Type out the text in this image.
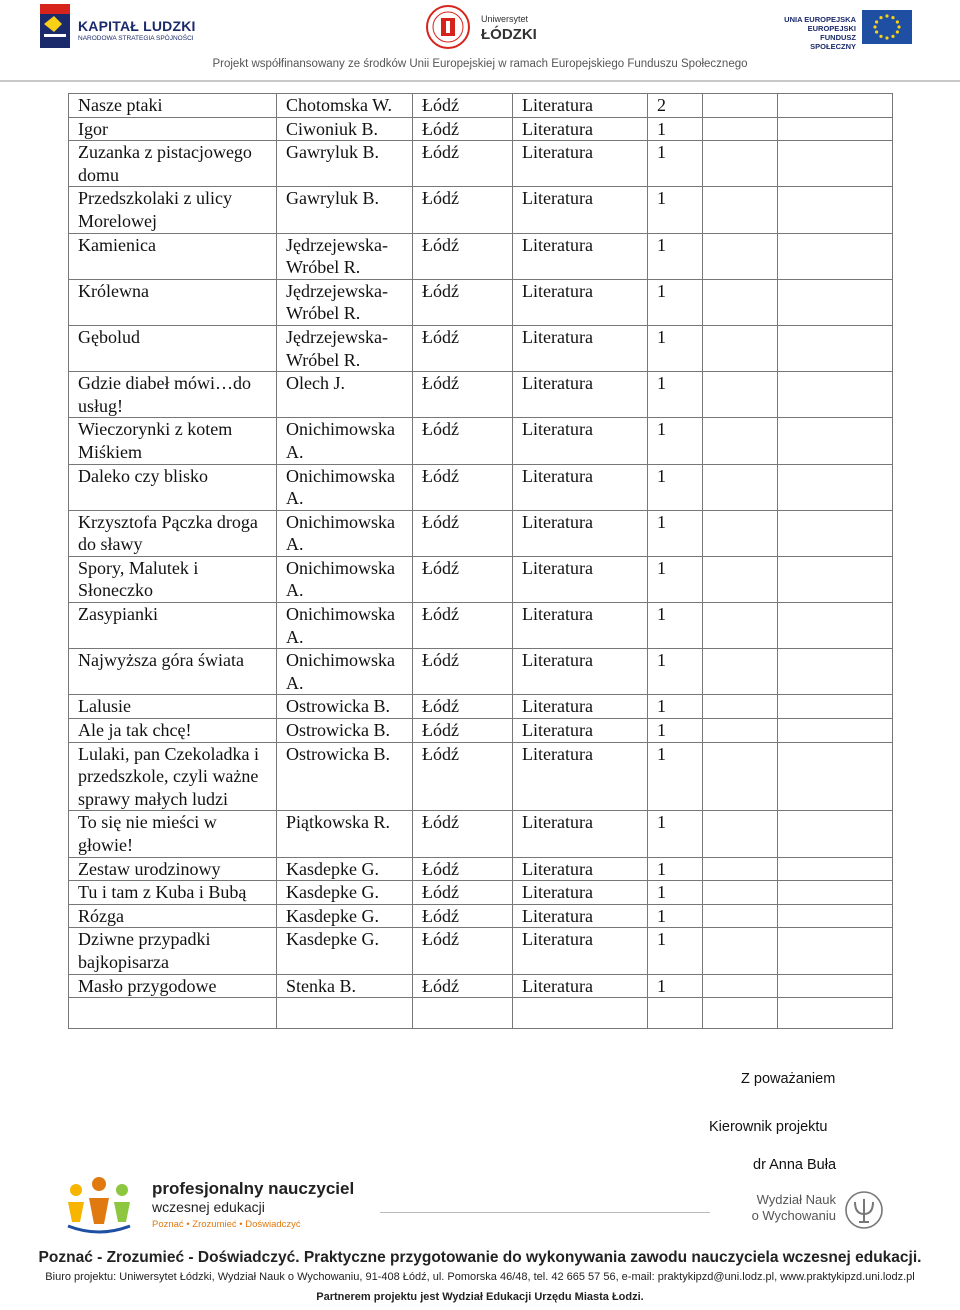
KAPITAŁ LUDZKI
NARODOWA STRATEGIA SPÓJNOŚCI
Uniwersytet
ŁÓDZKI
UNIA EUROPEJSKA
EUROPEJSKI
FUNDUSZ SPOŁECZNY
Projekt współfinansowany ze środków Unii Europejskiej w ramach Europejskiego Funduszu Społecznego
Nasze ptaki	Chotomska W.	Łódź	Literatura	2		
Igor	Ciwoniuk B.	Łódź	Literatura	1		
Zuzanka z pistacjowego domu	Gawryluk B.	Łódź	Literatura	1		
Przedszkolaki z ulicy Morelowej	Gawryluk B.	Łódź	Literatura	1		
Kamienica	Jędrzejewska-Wróbel R.	Łódź	Literatura	1		
Królewna	Jędrzejewska-Wróbel R.	Łódź	Literatura	1		
Gębolud	Jędrzejewska-Wróbel R.	Łódź	Literatura	1		
Gdzie diabeł mówi…do usług!	Olech J.	Łódź	Literatura	1		
Wieczorynki z kotem Miśkiem	Onichimowska A.	Łódź	Literatura	1		
Daleko czy blisko	Onichimowska A.	Łódź	Literatura	1		
Krzysztofa Pączka droga do sławy	Onichimowska A.	Łódź	Literatura	1		
Spory, Malutek i Słoneczko	Onichimowska A.	Łódź	Literatura	1		
Zasypianki	Onichimowska A.	Łódź	Literatura	1		
Najwyższa góra świata	Onichimowska A.	Łódź	Literatura	1		
Lalusie	Ostrowicka B.	Łódź	Literatura	1		
Ale ja tak chcę!	Ostrowicka B.	Łódź	Literatura	1		
Lulaki, pan Czekoladka i przedszkole, czyli ważne sprawy małych ludzi	Ostrowicka B.	Łódź	Literatura	1		
To się nie mieści w głowie!	Piątkowska R.	Łódź	Literatura	1		
Zestaw urodzinowy	Kasdepke G.	Łódź	Literatura	1		
Tu i tam z Kuba i Bubą	Kasdepke G.	Łódź	Literatura	1		
Rózga	Kasdepke G.	Łódź	Literatura	1		
Dziwne przypadki bajkopisarza	Kasdepke G.	Łódź	Literatura	1		
Masło przygodowe	Stenka B.	Łódź	Literatura	1		

Z poważaniem
Kierownik projektu
dr Anna Buła
profesjonalny nauczyciel
wczesnej edukacji
Poznać • Zrozumieć • Doświadczyć
Wydział Nauk
o Wychowaniu
Poznać - Zrozumieć - Doświadczyć. Praktyczne przygotowanie do wykonywania zawodu nauczyciela wczesnej edukacji.
Biuro projektu: Uniwersytet Łódzki, Wydział Nauk o Wychowaniu, 91-408 Łódź, ul. Pomorska 46/48, tel. 42 665 57 56, e-mail: praktykipzd@uni.lodz.pl, www.praktykipzd.uni.lodz.pl
Partnerem projektu jest Wydział Edukacji Urzędu Miasta Łodzi.
